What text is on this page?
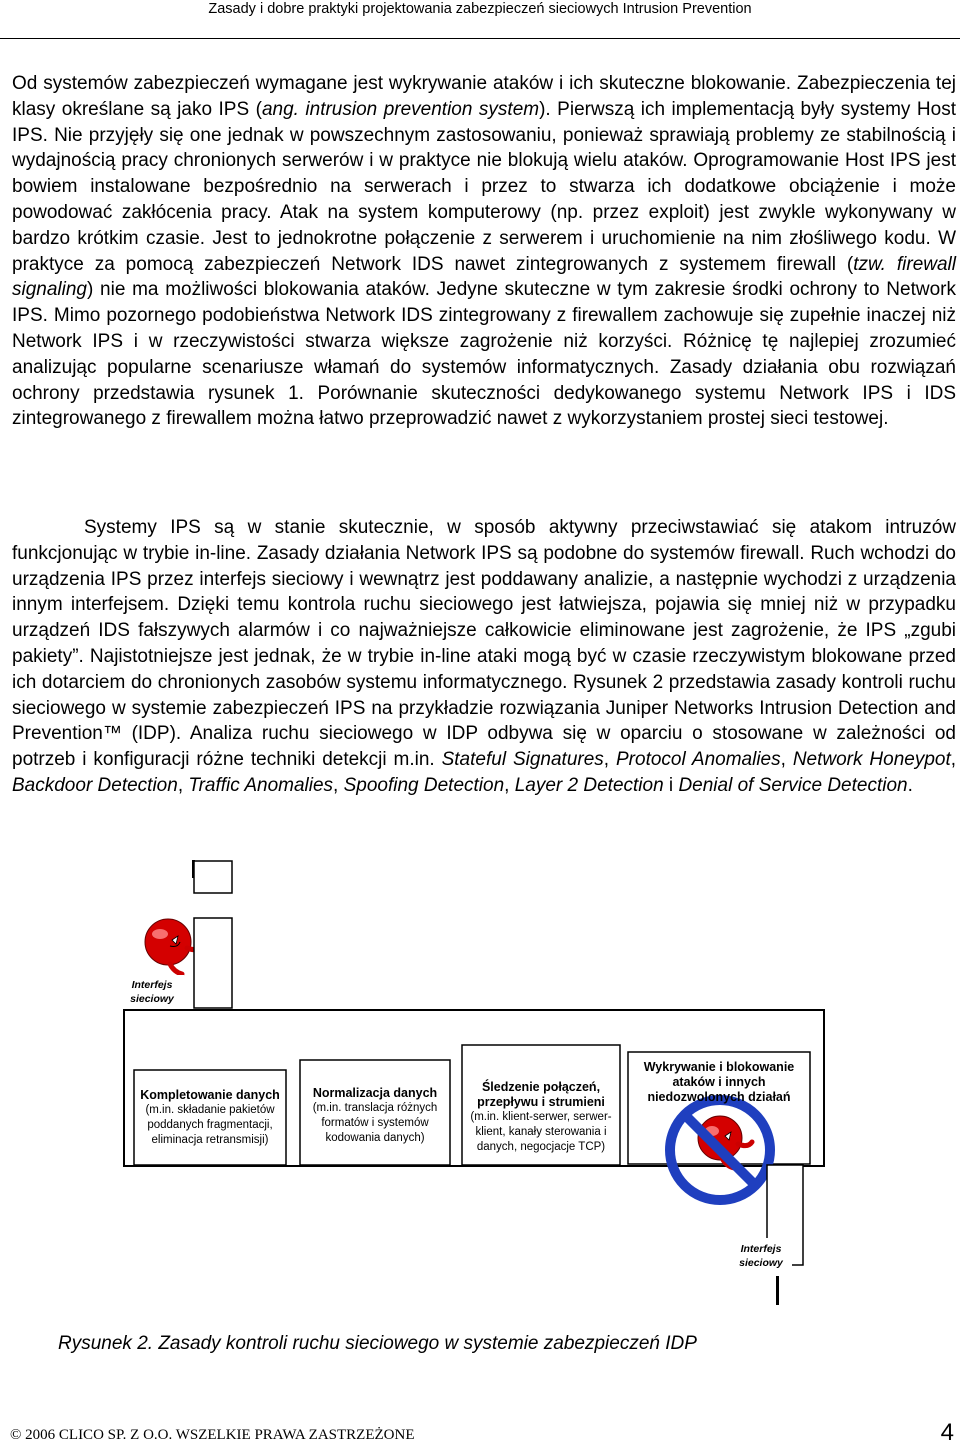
Zasady i dobre praktyki projektowania zabezpieczeń sieciowych Intrusion Prevention
Od systemów zabezpieczeń wymagane jest wykrywanie ataków i ich skuteczne blokowanie. Zabezpieczenia tej klasy określane są jako IPS (ang. intrusion prevention system). Pierwszą ich implementacją były systemy Host IPS. Nie przyjęły się one jednak w powszechnym zastosowaniu, ponieważ sprawiają problemy ze stabilnością i wydajnością pracy chronionych serwerów i w praktyce nie blokują wielu ataków. Oprogramowanie Host IPS jest bowiem instalowane bezpośrednio na serwerach i przez to stwarza ich dodatkowe obciążenie i może powodować zakłócenia pracy. Atak na system komputerowy (np. przez exploit) jest zwykle wykonywany w bardzo krótkim czasie. Jest to jednokrotne połączenie z serwerem i uruchomienie na nim złośliwego kodu. W praktyce za pomocą zabezpieczeń Network IDS nawet zintegrowanych z systemem firewall (tzw. firewall signaling) nie ma możliwości blokowania ataków. Jedyne skuteczne w tym zakresie środki ochrony to Network IPS. Mimo pozornego podobieństwa Network IDS zintegrowany z firewallem zachowuje się zupełnie inaczej niż Network IPS i w rzeczywistości stwarza większe zagrożenie niż korzyści. Różnicę tę najlepiej zrozumieć analizując popularne scenariusze włamań do systemów informatycznych. Zasady działania obu rozwiązań ochrony przedstawia rysunek 1. Porównanie skuteczności dedykowanego systemu Network IPS i IDS zintegrowanego z firewallem można łatwo przeprowadzić nawet z wykorzystaniem prostej sieci testowej.
Systemy IPS są w stanie skutecznie, w sposób aktywny przeciwstawiać się atakom intruzów funkcjonując w trybie in-line. Zasady działania Network IPS są podobne do systemów firewall. Ruch wchodzi do urządzenia IPS przez interfejs sieciowy i wewnątrz jest poddawany analizie, a następnie wychodzi z urządzenia innym interfejsem. Dzięki temu kontrola ruchu sieciowego jest łatwiejsza, pojawia się mniej niż w przypadku urządzeń IDS fałszywych alarmów i co najważniejsze całkowicie eliminowane jest zagrożenie, że IPS „zgubi pakiety”. Najistotniejsze jest jednak, że w trybie in-line ataki mogą być w czasie rzeczywistym blokowane przed ich dotarciem do chronionych zasobów systemu informatycznego. Rysunek 2 przedstawia zasady kontroli ruchu sieciowego w systemie zabezpieczeń IPS na przykładzie rozwiązania Juniper Networks Intrusion Detection and Prevention™ (IDP). Analiza ruchu sieciowego w IDP odbywa się w oparciu o stosowane w zależności od potrzeb i konfiguracji różne techniki detekcji m.in. Stateful Signatures, Protocol Anomalies, Network Honeypot, Backdoor Detection, Traffic Anomalies, Spoofing Detection, Layer 2 Detection i Denial of Service Detection.
Interfejs
sieciowy
Kompletowanie danych
(m.in. składanie pakietów poddanych fragmentacji, eliminacja retransmisji)
Normalizacja danych
(m.in. translacja różnych formatów i systemów kodowania danych)
Śledzenie połączeń, przepływu i strumieni
(m.in. klient-serwer, serwer-klient, kanały sterowania i danych, negocjacje TCP)
Wykrywanie i blokowanie ataków i innych niedozwolonych działań
Interfejs
sieciowy
Rysunek 2. Zasady kontroli ruchu sieciowego w systemie zabezpieczeń IDP
© 2006 CLICO SP. Z O.O. WSZELKIE PRAWA ZASTRZEŻONE	4
